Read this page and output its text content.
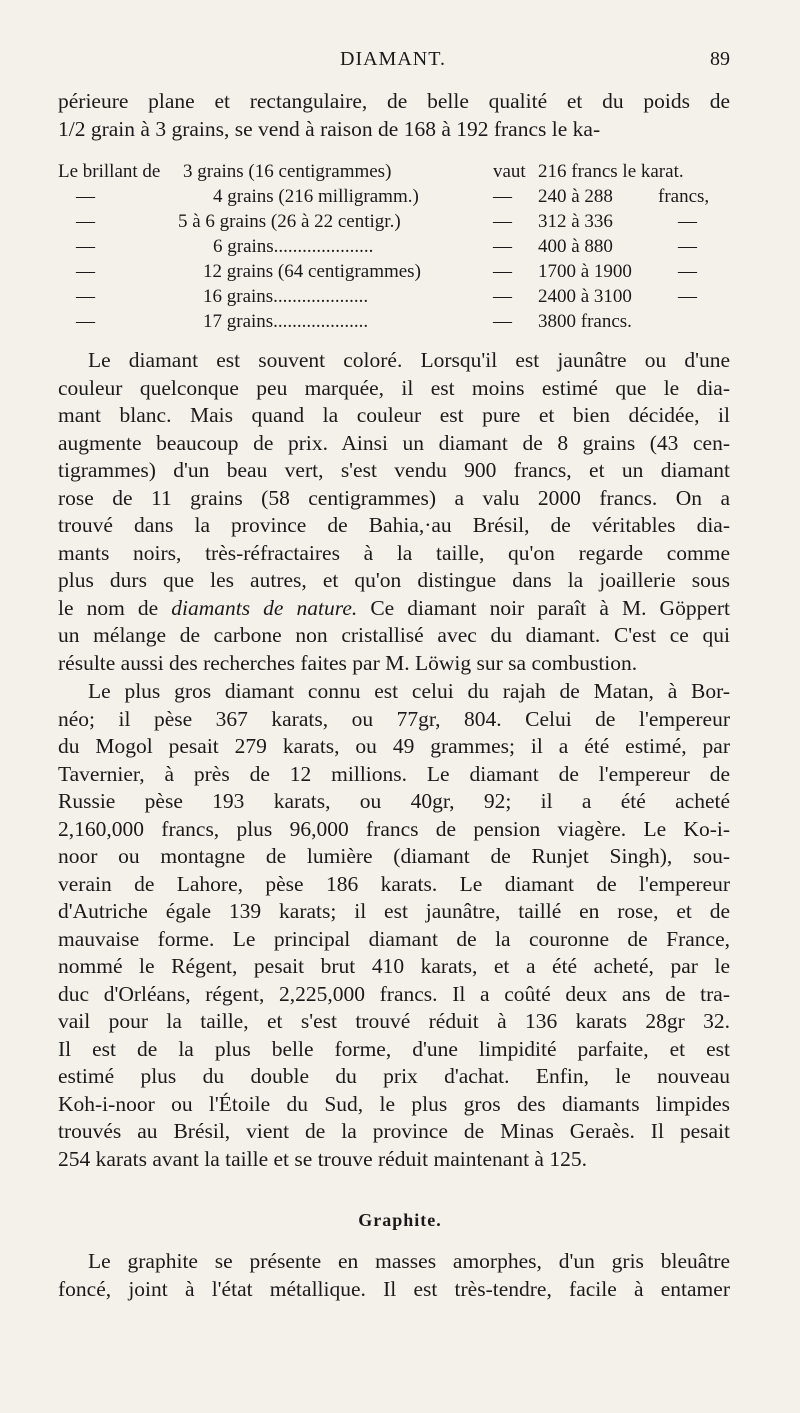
DIAMANT.	89

périeure plane et rectangulaire, de belle qualité et du poids de
1/2 grain à 3 grains, se vend à raison de 168 à 192 francs le ka-

Le brillant de 3 grains (16 centigrammes)	vaut 216 francs le karat.
—	4 grains (216 milligramm.)	— 240 à 288 francs,
—	5 à 6 grains (26 à 22 centigr.)	— 312 à 336	—
—	6 grains.....................	— 400 à 880	—
—	12 grains (64 centigrammes)	— 1700 à 1900 —
—	16 grains....................	— 2400 à 3100 —
—	17 grains....................	— 3800 francs.

Le diamant est souvent coloré. Lorsqu'il est jaunâtre ou d'une

couleur quelconque peu marquée, il est moins estimé que le dia-
mant blanc. Mais quand la couleur est pure et bien décidée, il
augmente beaucoup de prix. Ainsi un diamant de 8 grains (43 cen-
tigrammes) d'un beau vert, s'est vendu 900 francs, et un diamant
rose de 11 grains (58 centigrammes) a valu 2000 francs. On a
trouvé dans la province de Bahia,·au Brésil, de véritables dia-
mants noirs, très-réfractaires à la taille, qu'on regarde comme
plus durs que les autres, et qu'on distingue dans la joaillerie sous
le nom de diamants de nature. Ce diamant noir paraît à M. Göppert
un mélange de carbone non cristallisé avec du diamant. C'est ce qui
résulte aussi des recherches faites par M. Löwig sur sa combustion.

Le plus gros diamant connu est celui du rajah de Matan, à Bor-

néo; il pèse 367 karats, ou 77gr, 804. Celui de l'empereur
du Mogol pesait 279 karats, ou 49 grammes; il a été estimé, par
Tavernier, à près de 12 millions. Le diamant de l'empereur de
Russie pèse 193 karats, ou 40gr, 92; il a été acheté
2,160,000 francs, plus 96,000 francs de pension viagère. Le Ko-i-
noor ou montagne de lumière (diamant de Runjet Singh), sou-
verain de Lahore, pèse 186 karats. Le diamant de l'empereur
d'Autriche égale 139 karats; il est jaunâtre, taillé en rose, et de
mauvaise forme. Le principal diamant de la couronne de France,
nommé le Régent, pesait brut 410 karats, et a été acheté, par le
duc d'Orléans, régent, 2,225,000 francs. Il a coûté deux ans de tra-
vail pour la taille, et s'est trouvé réduit à 136 karats 28gr 32.
Il est de la plus belle forme, d'une limpidité parfaite, et est
estimé plus du double du prix d'achat. Enfin, le nouveau
Koh-i-noor ou l'Étoile du Sud, le plus gros des diamants limpides
trouvés au Brésil, vient de la province de Minas Geraès. Il pesait
254 karats avant la taille et se trouve réduit maintenant à 125.

Graphite.

Le graphite se présente en masses amorphes, d'un gris bleuâtre

foncé, joint à l'état métallique. Il est très-tendre, facile à entamer
